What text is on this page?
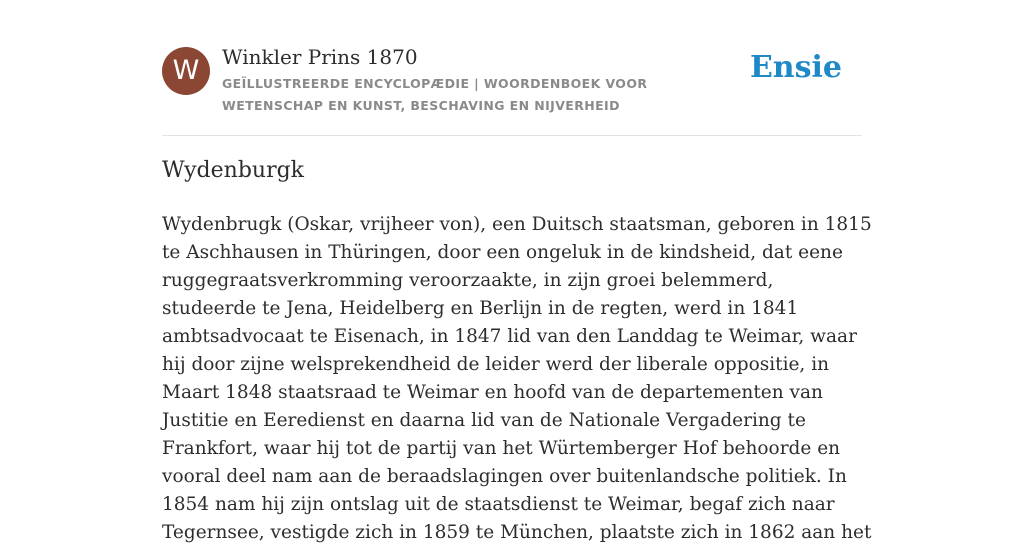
W	Winkler Prins 1870
GEÏLLUSTREERDE ENCYCLOPÆDIE | WOORDENBOEK VOOR WETENSCHAP EN KUNST, BESCHAVING EN NIJVERHEID
Ensie
Wydenburgk

Wydenbrugk (Oskar, vrijheer von), een Duitsch staatsman, geboren in 1815 te Aschhausen in Thüringen, door een ongeluk in de kindsheid, dat eene ruggegraatsverkromming veroorzaakte, in zijn groei belemmerd, studeerde te Jena, Heidelberg en Berlijn in de regten, werd in 1841 ambtsadvocaat te Eisenach, in 1847 lid van den Landdag te Weimar, waar hij door zijne welsprekendheid de leider werd der liberale oppositie, in Maart 1848 staatsraad te Weimar en hoofd van de departementen van Justitie en Eeredienst en daarna lid van de Nationale Vergadering te Frankfort, waar hij tot de partij van het Würtemberger Hof behoorde en vooral deel nam aan de beraadslagingen over buitenlandsche politiek. In 1854 nam hij zijn ontslag uit de staatsdienst te Weimar, begaf zich naar Tegernsee, vestigde zich in 1859 te München, plaatste zich in 1862 aan het
